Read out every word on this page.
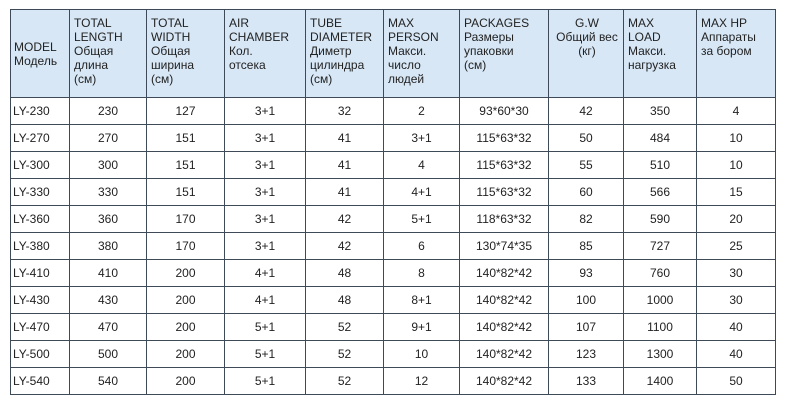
MODEL
Модель	TOTAL
LENGTH
Общая
длина
(cм)	TOTAL
WIDTH
Общая
ширина
(cм)	AIR
CHAMBER
Кол.
отсека	TUBE
DIAMETER
Диметр
цилиндра
(cм)	MAX
PERSON
Макси.
число
людей	PACKAGES
Размеры
упаковки
(cм)	G.W
Общий вес
(кг)	MAX
LOAD
Макси.
нагрузка	MAX HP
Аппараты
за бором

LY-230	230	127	3+1	32	2	93*60*30	42	350	4
LY-270	270	151	3+1	41	3+1	115*63*32	50	484	10
LY-300	300	151	3+1	41	4	115*63*32	55	510	10
LY-330	330	151	3+1	41	4+1	115*63*32	60	566	15
LY-360	360	170	3+1	42	5+1	118*63*32	82	590	20
LY-380	380	170	3+1	42	6	130*74*35	85	727	25
LY-410	410	200	4+1	48	8	140*82*42	93	760	30
LY-430	430	200	4+1	48	8+1	140*82*42	100	1000	30
LY-470	470	200	5+1	52	9+1	140*82*42	107	1100	40
LY-500	500	200	5+1	52	10	140*82*42	123	1300	40
LY-540	540	200	5+1	52	12	140*82*42	133	1400	50
